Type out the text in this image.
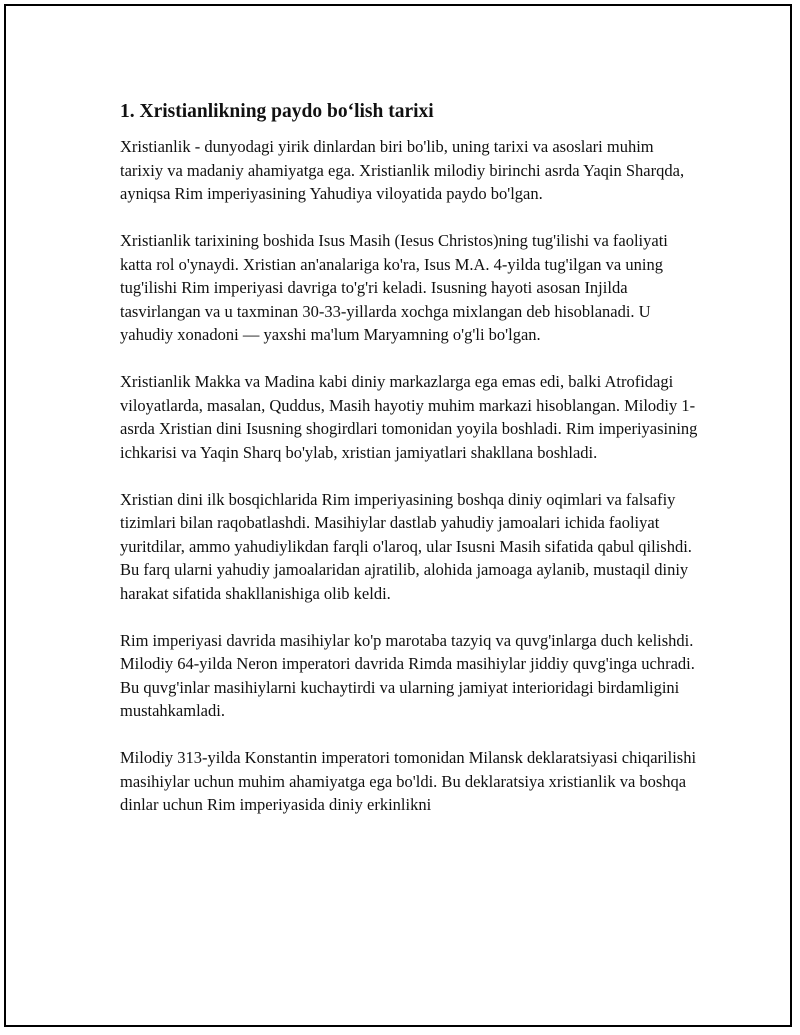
1. Xristianlikning paydo bo‘lish tarixi

Xristianlik - dunyodagi yirik dinlardan biri bo'lib, uning tarixi va asoslari muhim tarixiy va madaniy ahamiyatga ega. Xristianlik milodiy birinchi asrda Yaqin Sharqda, ayniqsa Rim imperiyasining Yahudiya viloyatida paydo bo'lgan.

Xristianlik tarixining boshida Isus Masih (Iesus Christos)ning tug'ilishi va faoliyati katta rol o'ynaydi. Xristian an'analariga ko'ra, Isus M.A. 4-yilda tug'ilgan va uning tug'ilishi Rim imperiyasi davriga to'g'ri keladi. Isusning hayoti asosan Injilda tasvirlangan va u taxminan 30-33-yillarda xochga mixlangan deb hisoblanadi. U yahudiy xonadoni — yaxshi ma'lum Maryamning o'g'li bo'lgan.

Xristianlik Makka va Madina kabi diniy markazlarga ega emas edi, balki Atrofidagi viloyatlarda, masalan, Quddus, Masih hayotiy muhim markazi hisoblangan. Milodiy 1-asrda Xristian dini Isusning shogirdlari tomonidan yoyila boshladi. Rim imperiyasining ichkarisi va Yaqin Sharq bo'ylab, xristian jamiyatlari shakllana boshladi.

Xristian dini ilk bosqichlarida Rim imperiyasining boshqa diniy oqimlari va falsafiy tizimlari bilan raqobatlashdi. Masihiylar dastlab yahudiy jamoalari ichida faoliyat yuritdilar, ammo yahudiylikdan farqli o'laroq, ular Isusni Masih sifatida qabul qilishdi. Bu farq ularni yahudiy jamoalaridan ajratilib, alohida jamoaga aylanib, mustaqil diniy harakat sifatida shakllanishiga olib keldi.

Rim imperiyasi davrida masihiylar ko'p marotaba tazyiq va quvg'inlarga duch kelishdi. Milodiy 64-yilda Neron imperatori davrida Rimda masihiylar jiddiy quvg'inga uchradi. Bu quvg'inlar masihiylarni kuchaytirdi va ularning jamiyat interioridagi birdamligini mustahkamladi.

Milodiy 313-yilda Konstantin imperatori tomonidan Milansk deklaratsiyasi chiqarilishi masihiylar uchun muhim ahamiyatga ega bo'ldi. Bu deklaratsiya xristianlik va boshqa dinlar uchun Rim imperiyasida diniy erkinlikni
